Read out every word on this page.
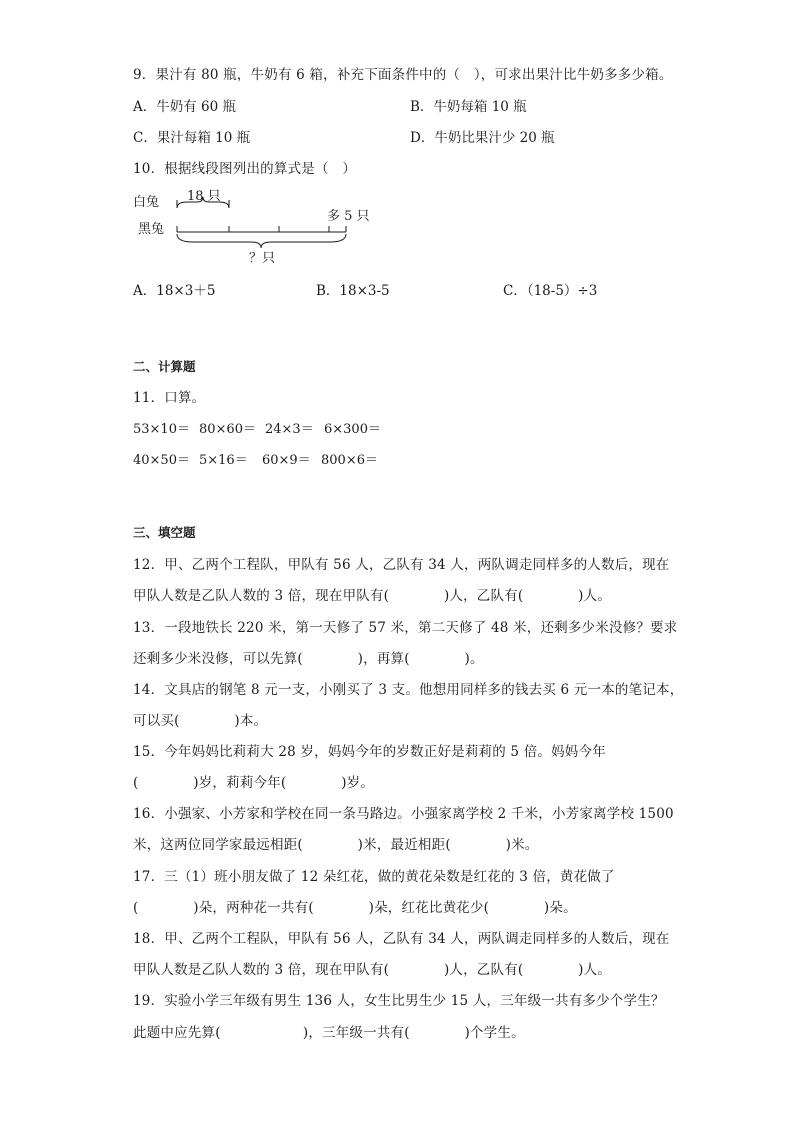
9．果汁有 80 瓶，牛奶有 6 箱，补充下面条件中的（　），可求出果汁比牛奶多多少箱。
A．牛奶有 60 瓶	B．牛奶每箱 10 瓶
C．果汁每箱 10 瓶	D．牛奶比果汁少 20 瓶
10．根据线段图列出的算式是（　）
白兔 18 只
黑兔
多 5 只
？只
A．18×3＋5	B．18×3-5	C．（18-5）÷3
二、计算题
11．口算。
53×10＝ 80×60＝ 24×3＝ 6×300＝
40×50＝ 5×16＝ 60×9＝ 800×6＝
三、填空题
12．甲、乙两个工程队，甲队有 56 人，乙队有 34 人，两队调走同样多的人数后，现在
甲队人数是乙队人数的 3 倍，现在甲队有(　　　　)人，乙队有(　　　　)人。
13．一段地铁长 220 米，第一天修了 57 米，第二天修了 48 米，还剩多少米没修？要求
还剩多少米没修，可以先算(　　　　)，再算(　　　　)。
14．文具店的钢笔 8 元一支，小刚买了 3 支。他想用同样多的钱去买 6 元一本的笔记本，
可以买(　　　　)本。
15．今年妈妈比莉莉大 28 岁，妈妈今年的岁数正好是莉莉的 5 倍。妈妈今年
(　　　　)岁，莉莉今年(　　　　)岁。
16．小强家、小芳家和学校在同一条马路边。小强家离学校 2 千米，小芳家离学校 1500
米，这两位同学家最远相距(　　　　)米，最近相距(　　　　)米。
17．三（1）班小朋友做了 12 朵红花，做的黄花朵数是红花的 3 倍，黄花做了
(　　　　)朵，两种花一共有(　　　　)朵，红花比黄花少(　　　　)朵。
18．甲、乙两个工程队，甲队有 56 人，乙队有 34 人，两队调走同样多的人数后，现在
甲队人数是乙队人数的 3 倍，现在甲队有(　　　　)人，乙队有(　　　　)人。
19．实验小学三年级有男生 136 人，女生比男生少 15 人，三年级一共有多少个学生？
此题中应先算(　　　　　　)，三年级一共有(　　　　)个学生。
